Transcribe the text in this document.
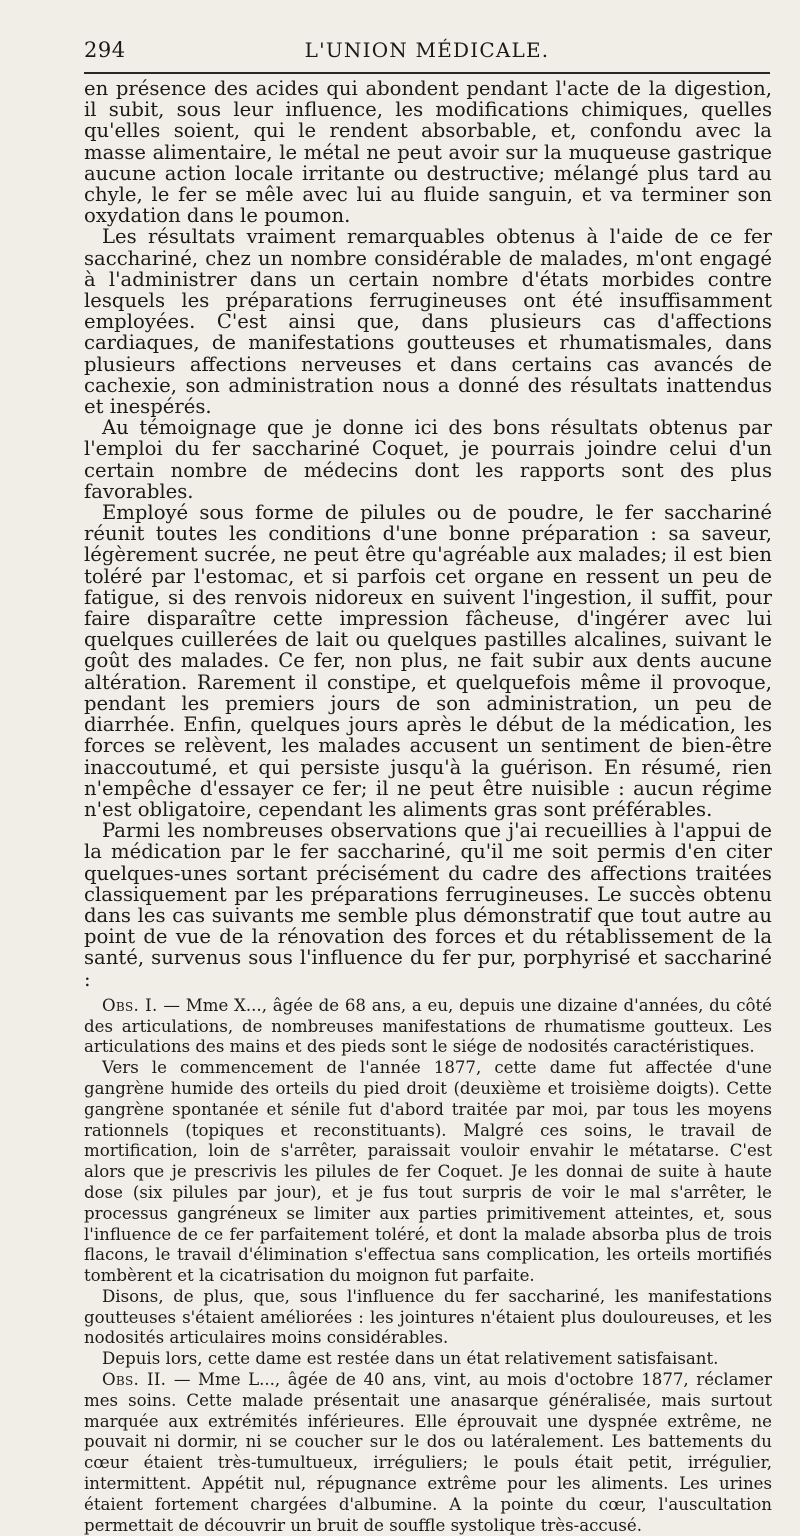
294	L'UNION MÉDICALE.

en présence des acides qui abondent pendant l'acte de la digestion, il subit, sous leur influence, les modifications chimiques, quelles qu'elles soient, qui le rendent absorbable, et, confondu avec la masse alimentaire, le métal ne peut avoir sur la muqueuse gastrique aucune action locale irritante ou destructive; mélangé plus tard au chyle, le fer se mêle avec lui au fluide sanguin, et va terminer son oxydation dans le poumon.

Les résultats vraiment remarquables obtenus à l'aide de ce fer sacchariné, chez un nombre considérable de malades, m'ont engagé à l'administrer dans un certain nombre d'états morbides contre lesquels les préparations ferrugineuses ont été insuffisamment employées. C'est ainsi que, dans plusieurs cas d'affections cardiaques, de manifestations goutteuses et rhumatismales, dans plusieurs affections nerveuses et dans certains cas avancés de cachexie, son administration nous a donné des résultats inattendus et inespérés.

Au témoignage que je donne ici des bons résultats obtenus par l'emploi du fer sacchariné Coquet, je pourrais joindre celui d'un certain nombre de médecins dont les rapports sont des plus favorables.

Employé sous forme de pilules ou de poudre, le fer sacchariné réunit toutes les conditions d'une bonne préparation : sa saveur, légèrement sucrée, ne peut être qu'agréable aux malades; il est bien toléré par l'estomac, et si parfois cet organe en ressent un peu de fatigue, si des renvois nidoreux en suivent l'ingestion, il suffit, pour faire disparaître cette impression fâcheuse, d'ingérer avec lui quelques cuillerées de lait ou quelques pastilles alcalines, suivant le goût des malades. Ce fer, non plus, ne fait subir aux dents aucune altération. Rarement il constipe, et quelquefois même il provoque, pendant les premiers jours de son administration, un peu de diarrhée. Enfin, quelques jours après le début de la médication, les forces se relèvent, les malades accusent un sentiment de bien-être inaccoutumé, et qui persiste jusqu'à la guérison. En résumé, rien n'empêche d'essayer ce fer; il ne peut être nuisible : aucun régime n'est obligatoire, cependant les aliments gras sont préférables.

Parmi les nombreuses observations que j'ai recueillies à l'appui de la médication par le fer sacchariné, qu'il me soit permis d'en citer quelques-unes sortant précisément du cadre des affections traitées classiquement par les préparations ferrugineuses. Le succès obtenu dans les cas suivants me semble plus démonstratif que tout autre au point de vue de la rénovation des forces et du rétablissement de la santé, survenus sous l'influence du fer pur, porphyrisé et sacchariné :

Obs. I. — Mme X..., âgée de 68 ans, a eu, depuis une dizaine d'années, du côté des articulations, de nombreuses manifestations de rhumatisme goutteux. Les articulations des mains et des pieds sont le siége de nodosités caractéristiques.

Vers le commencement de l'année 1877, cette dame fut affectée d'une gangrène humide des orteils du pied droit (deuxième et troisième doigts). Cette gangrène spontanée et sénile fut d'abord traitée par moi, par tous les moyens rationnels (topiques et reconstituants). Malgré ces soins, le travail de mortification, loin de s'arrêter, paraissait vouloir envahir le métatarse. C'est alors que je prescrivis les pilules de fer Coquet. Je les donnai de suite à haute dose (six pilules par jour), et je fus tout surpris de voir le mal s'arrêter, le processus gangréneux se limiter aux parties primitivement atteintes, et, sous l'influence de ce fer parfaitement toléré, et dont la malade absorba plus de trois flacons, le travail d'élimination s'effectua sans complication, les orteils mortifiés tombèrent et la cicatrisation du moignon fut parfaite.

Disons, de plus, que, sous l'influence du fer sacchariné, les manifestations goutteuses s'étaient améliorées : les jointures n'étaient plus douloureuses, et les nodosités articulaires moins considérables.

Depuis lors, cette dame est restée dans un état relativement satisfaisant.

Obs. II. — Mme L..., âgée de 40 ans, vint, au mois d'octobre 1877, réclamer mes soins. Cette malade présentait une anasarque généralisée, mais surtout marquée aux extrémités inférieures. Elle éprouvait une dyspnée extrême, ne pouvait ni dormir, ni se coucher sur le dos ou latéralement. Les battements du cœur étaient très-tumultueux, irréguliers; le pouls était petit, irrégulier, intermittent. Appétit nul, répugnance extrême pour les aliments. Les urines étaient fortement chargées d'albumine. A la pointe du cœur, l'auscultation permettait de découvrir un bruit de souffle systolique très-accusé.
